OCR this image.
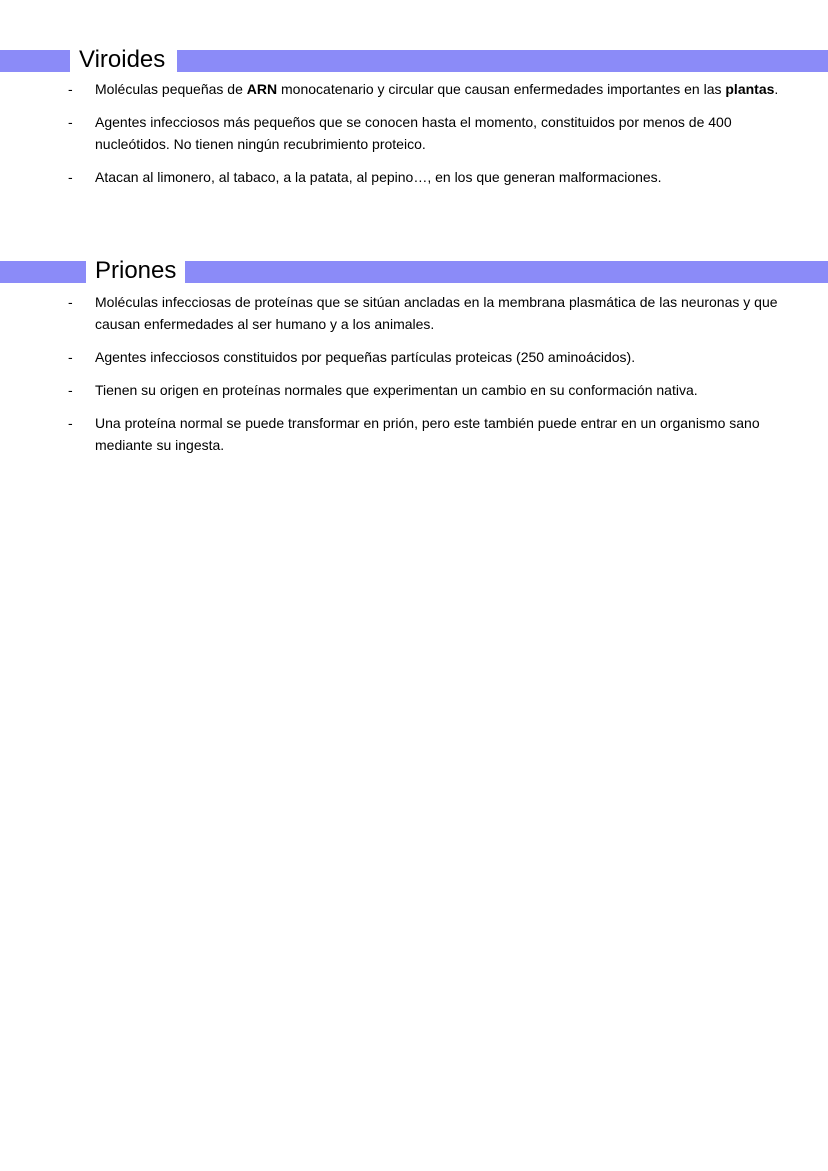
Viroides
- Moléculas pequeñas de ARN monocatenario y circular que causan enfermedades importantes en las plantas.
- Agentes infecciosos más pequeños que se conocen hasta el momento, constituidos por menos de 400 nucleótidos. No tienen ningún recubrimiento proteico.
- Atacan al limonero, al tabaco, a la patata, al pepino…, en los que generan malformaciones.
Priones
- Moléculas infecciosas de proteínas que se sitúan ancladas en la membrana plasmática de las neuronas y que causan enfermedades al ser humano y a los animales.
- Agentes infecciosos constituidos por pequeñas partículas proteicas (250 aminoácidos).
- Tienen su origen en proteínas normales que experimentan un cambio en su conformación nativa.
- Una proteína normal se puede transformar en prión, pero este también puede entrar en un organismo sano mediante su ingesta.
